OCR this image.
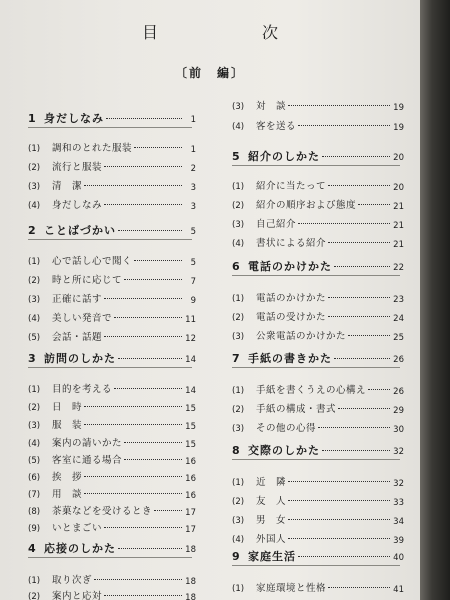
目　次
〔前　編〕
1 身だしなみ	1
(1)	調和のとれた服装	1
(2)	流行と服装	2
(3)	清　潔	3
(4)	身だしなみ	3
2 ことばづかい	5
(1)	心で話し心で聞く	5
(2)	時と所に応じて	7
(3)	正確に話す	9
(4)	美しい発音で	11
(5)	会話・話題	12
3 訪問のしかた	14
(1)	目的を考える	14
(2)	日　時	15
(3)	服　装	15
(4)	案内の請いかた	15
(5)	客室に通る場合	16
(6)	挨　拶	16
(7)	用　談	16
(8)	茶菓などを受けるとき	17
(9)	いとまごい	17
4 応接のしかた	18
(1)	取り次ぎ	18
(2)	案内と応対	18
(3)	対　談	19
(4)	客を送る	19
5 紹介のしかた	20
(1)	紹介に当たって	20
(2)	紹介の順序および態度	21
(3)	自己紹介	21
(4)	書状による紹介	21
6 電話のかけかた	22
(1)	電話のかけかた	23
(2)	電話の受けかた	24
(3)	公衆電話のかけかた	25
7 手紙の書きかた	26
(1)	手紙を書くうえの心構え	26
(2)	手紙の構成・書式	29
(3)	その他の心得	30
8 交際のしかた	32
(1)	近　隣	32
(2)	友　人	33
(3)	男　女	34
(4)	外国人	39
9 家庭生活	40
(1)	家庭環境と性格	41
